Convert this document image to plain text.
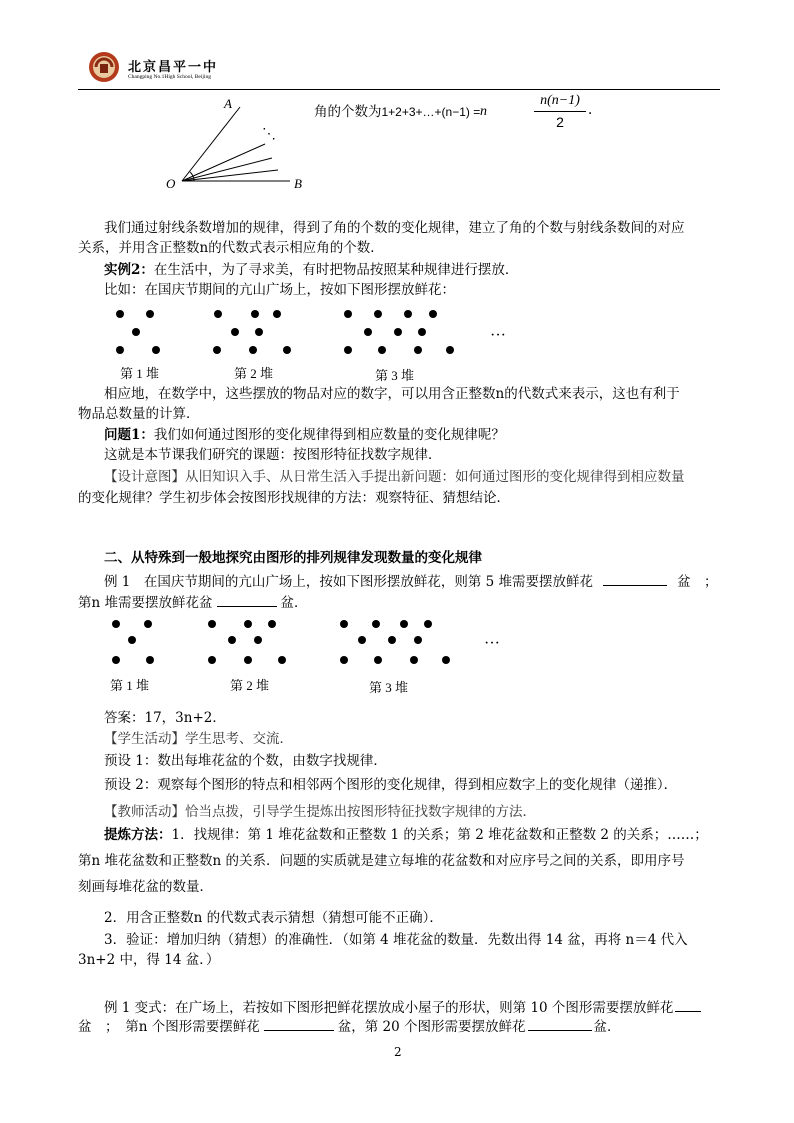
北京昌平一中
Changping No.1High School, Beijing
A
O	B
⋱
角的个数为1+2+3+…+(n−1) = n
n(n−1)
2
.
我们通过射线条数增加的规律，得到了角的个数的变化规律，建立了角的个数与射线条数间的对应
关系，并用含正整数n的代数式表示相应角的个数．
实例2：在生活中，为了寻求美，有时把物品按照某种规律进行摆放．
比如：在国庆节期间的亢山广场上，按如下图形摆放鲜花：
···
第 1 堆	第 2 堆	第 3 堆
相应地，在数学中，这些摆放的物品对应的数字，可以用含正整数n的代数式来表示，这也有利于
物品总数量的计算．
问题1：我们如何通过图形的变化规律得到相应数量的变化规律呢？
这就是本节课我们研究的课题：按图形特征找数字规律．
【设计意图】从旧知识入手、从日常生活入手提出新问题：如何通过图形的变化规律得到相应数量
的变化规律？学生初步体会按图形找规律的方法：观察特征、猜想结论．
二、从特殊到一般地探究由图形的排列规律发现数量的变化规律
例 1　在国庆节期间的亢山广场上，按如下图形摆放鲜花，则第 5 堆需要摆放鲜花	盆　；
第n 堆需要摆放鲜花盆	盆．
···
第 1 堆	第 2 堆	第 3 堆
答案：17，3n+2．
【学生活动】学生思考、交流．
预设 1：数出每堆花盆的个数，由数字找规律．
预设 2：观察每个图形的特点和相邻两个图形的变化规律，得到相应数字上的变化规律（递推）．
【教师活动】恰当点拨，引导学生提炼出按图形特征找数字规律的方法．
提炼方法：1．找规律：第 1 堆花盆数和正整数 1 的关系；第 2 堆花盆数和正整数 2 的关系；……；
第n 堆花盆数和正整数n 的关系．问题的实质就是建立每堆的花盆数和对应序号之间的关系，即用序号
刻画每堆花盆的数量．
2．用含正整数n 的代数式表示猜想（猜想可能不正确）．
3．验证：增加归纳（猜想）的准确性．（如第 4 堆花盆的数量．先数出得 14 盆，再将 n＝4 代入
3n+2 中，得 14 盆．）
例 1 变式：在广场上，若按如下图形把鲜花摆放成小屋子的形状，则第 10 个图形需要摆放鲜花
盆　；　第n 个图形需要摆鲜花	盆，第 20 个图形需要摆放鲜花	盆．
2
